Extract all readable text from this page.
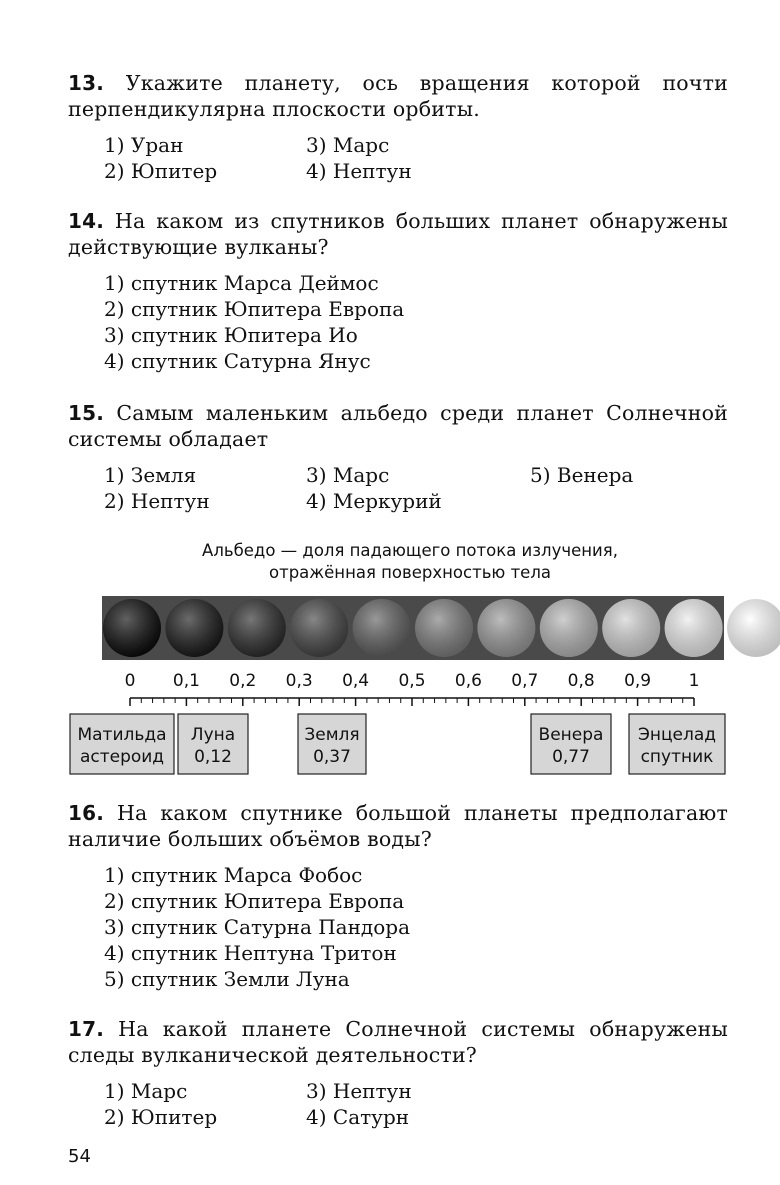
13. Укажите планету, ось вращения которой почти перпендикулярна плоскости орбиты.

1) Уран
2) Юпитер
3) Марс
4) Нептун

14. На каком из спутников больших планет обнаружены действующие вулканы?

1) спутник Марса Деймос
2) спутник Юпитера Европа
3) спутник Юпитера Ио
4) спутник Сатурна Янус

15. Самым маленьким альбедо среди планет Солнечной системы обладает

1) Земля
2) Нептун
3) Марс
4) Меркурий
5) Венера
Альбедо — доля падающего потока излучения,
отражённая поверхностью тела
0 0,1 0,2 0,3 0,4 0,5 0,6 0,7 0,8 0,9 1
Матильда
астероид
Луна
0,12
Земля
0,37
Венера
0,77
Энцелад
спутник

16. На каком спутнике большой планеты предполагают наличие больших объёмов воды?

1) спутник Марса Фобос
2) спутник Юпитера Европа
3) спутник Сатурна Пандора
4) спутник Нептуна Тритон
5) спутник Земли Луна

17. На какой планете Солнечной системы обнаружены следы вулканической деятельности?

1) Марс
2) Юпитер
3) Нептун
4) Сатурн
54
